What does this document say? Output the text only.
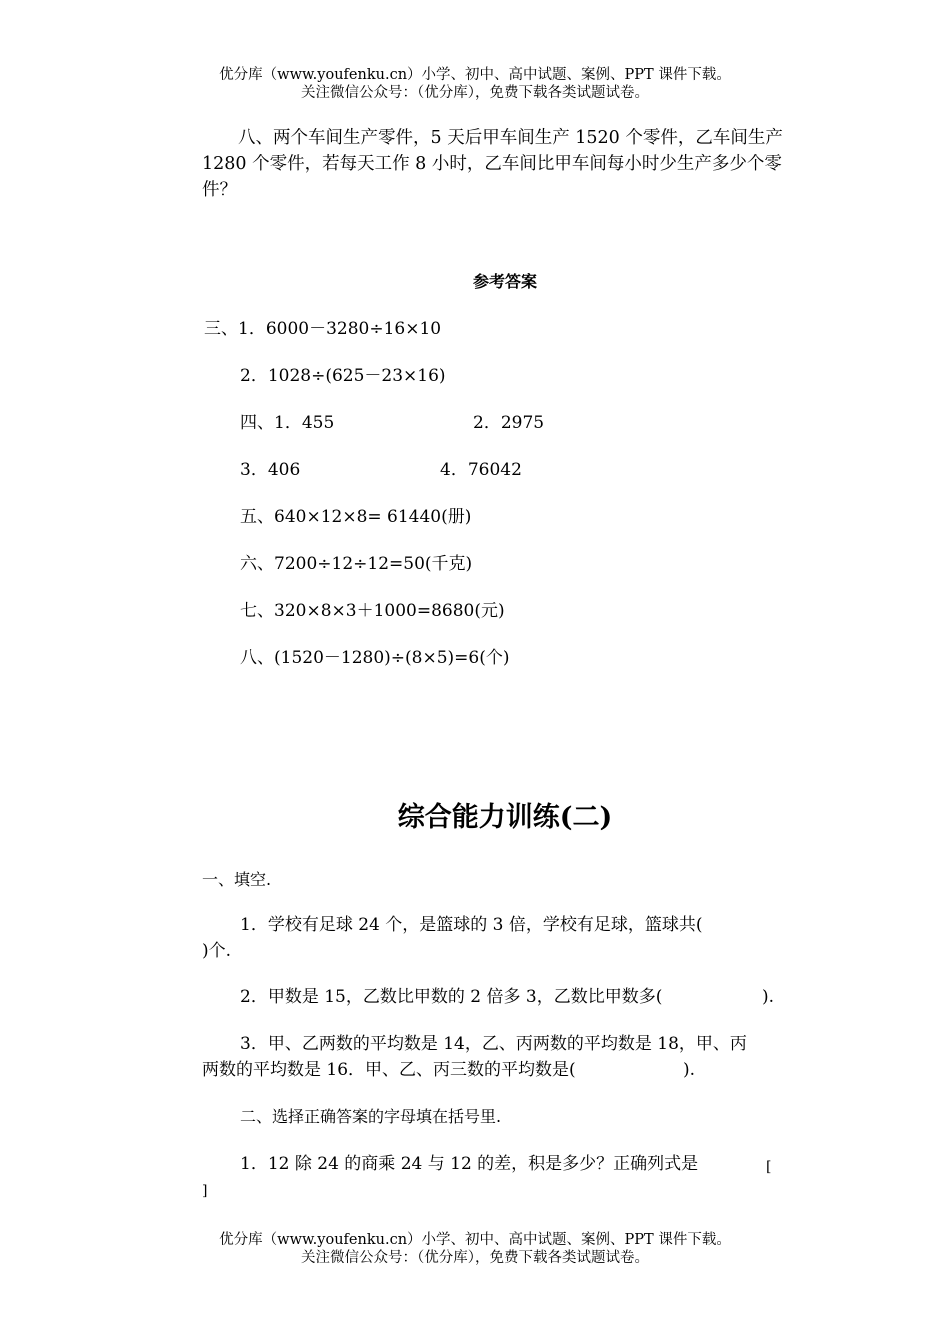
优分库（www.youfenku.cn）小学、初中、高中试题、案例、PPT 课件下载。
关注微信公众号：（优分库），免费下载各类试题试卷。
八、两个车间生产零件，5 天后甲车间生产 1520 个零件，乙车间生产 1280 个零件，若每天工作 8 小时，乙车间比甲车间每小时少生产多少个零件？
参考答案
三、1．6000－3280÷16×10
2．1028÷(625－23×16)
四、1．455	2．2975
3．406	4．76042
五、640×12×8= 61440(册)
六、7200÷12÷12=50(千克)
七、320×8×3＋1000=8680(元)
八、(1520－1280)÷(8×5)=6(个)
综合能力训练(二)
一、填空.
1．学校有足球 24 个，是篮球的 3 倍，学校有足球，篮球共(
)个.
2．甲数是 15，乙数比甲数的 2 倍多 3，乙数比甲数多(	).
3．甲、乙两数的平均数是 14，乙、丙两数的平均数是 18，甲、丙
两数的平均数是 16．甲、乙、丙三数的平均数是(	).
二、选择正确答案的字母填在括号里.
1．12 除 24 的商乘 24 与 12 的差，积是多少？正确列式是	[
]
优分库（www.youfenku.cn）小学、初中、高中试题、案例、PPT 课件下载。
关注微信公众号：（优分库），免费下载各类试题试卷。
